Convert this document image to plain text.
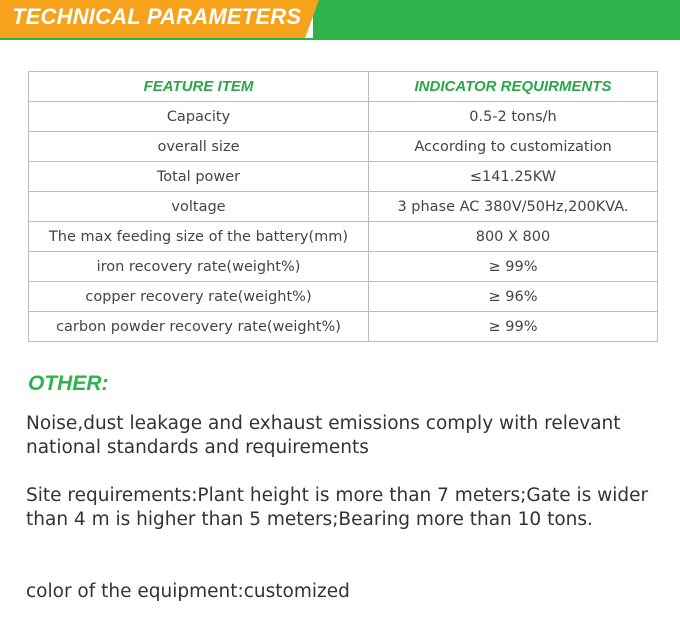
TECHNICAL PARAMETERS
FEATURE ITEM	INDICATOR REQUIRMENTS
Capacity	0.5-2 tons/h
overall size	According to customization
Total power	≤141.25KW
voltage	3 phase AC 380V/50Hz,200KVA.
The max feeding size of the battery(mm)	800 X 800
iron recovery rate(weight%)	≥ 99%
copper recovery rate(weight%)	≥ 96%
carbon powder recovery rate(weight%)	≥ 99%
OTHER:
Noise,dust leakage and exhaust emissions comply with relevant national standards and requirements
Site requirements:Plant height is more than 7 meters;Gate is wider than 4 m is higher than 5 meters;Bearing more than 10 tons.
color of the equipment:customized
